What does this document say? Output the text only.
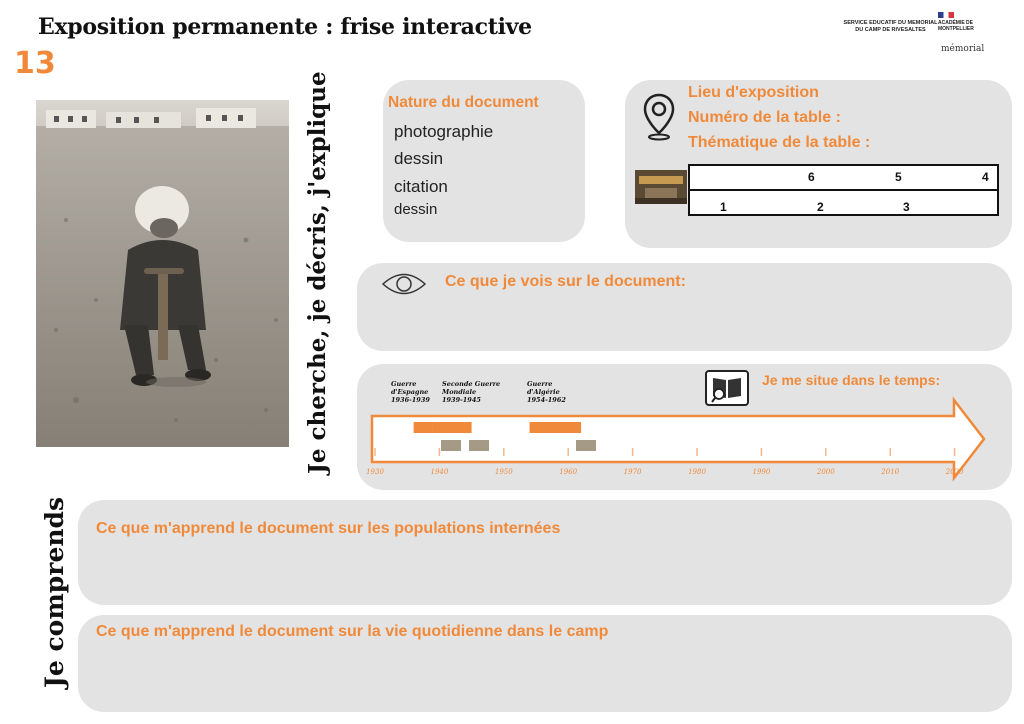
Exposition permanente : frise interactive
13
SERVICE EDUCATIF DU MEMORIAL DU CAMP DE RIVESALTES
ACADÉMIE DE MONTPELLIER
mémorial
Je cherche, je décris, j'explique
Je comprends
Nature du document
photographie
dessin
citation
dessin
Lieu d'exposition
Numéro de la table :
Thématique de la table :
6	5	4
1	2	3
Ce que je vois sur le document:
Je me situe dans le temps:
1930	1940	1950	1960	1970	1980	1990	2000	2010	2020
Guerre d'Espagne 1936-1939
Seconde Guerre Mondiale 1939-1945
Guerre d'Algérie 1954-1962
Ce que m'apprend le document sur les populations internées
Ce que m'apprend le document sur la vie quotidienne dans le camp
